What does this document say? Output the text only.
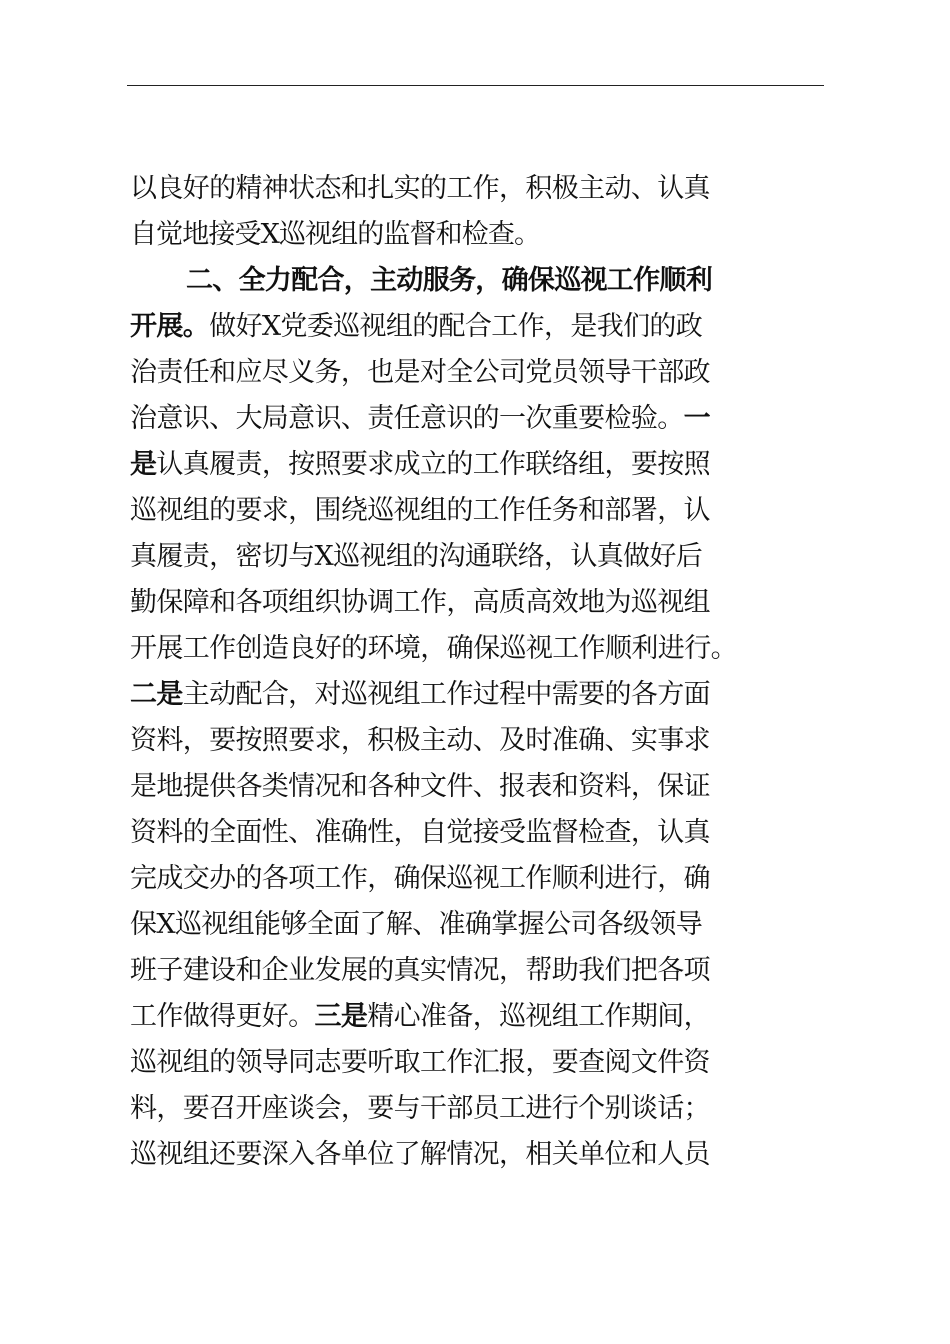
以良好的精神状态和扎实的工作，积极主动、认真
自觉地接受X巡视组的监督和检查。
二、全力配合，主动服务，确保巡视工作顺利
开展。做好X党委巡视组的配合工作，是我们的政
治责任和应尽义务，也是对全公司党员领导干部政
治意识、大局意识、责任意识的一次重要检验。一
是认真履责，按照要求成立的工作联络组，要按照
巡视组的要求，围绕巡视组的工作任务和部署，认
真履责，密切与X巡视组的沟通联络，认真做好后
勤保障和各项组织协调工作，高质高效地为巡视组
开展工作创造良好的环境，确保巡视工作顺利进行。
二是主动配合，对巡视组工作过程中需要的各方面
资料，要按照要求，积极主动、及时准确、实事求
是地提供各类情况和各种文件、报表和资料，保证
资料的全面性、准确性，自觉接受监督检查，认真
完成交办的各项工作，确保巡视工作顺利进行，确
保X巡视组能够全面了解、准确掌握公司各级领导
班子建设和企业发展的真实情况，帮助我们把各项
工作做得更好。三是精心准备，巡视组工作期间，
巡视组的领导同志要听取工作汇报，要查阅文件资
料，要召开座谈会，要与干部员工进行个别谈话；
巡视组还要深入各单位了解情况，相关单位和人员
